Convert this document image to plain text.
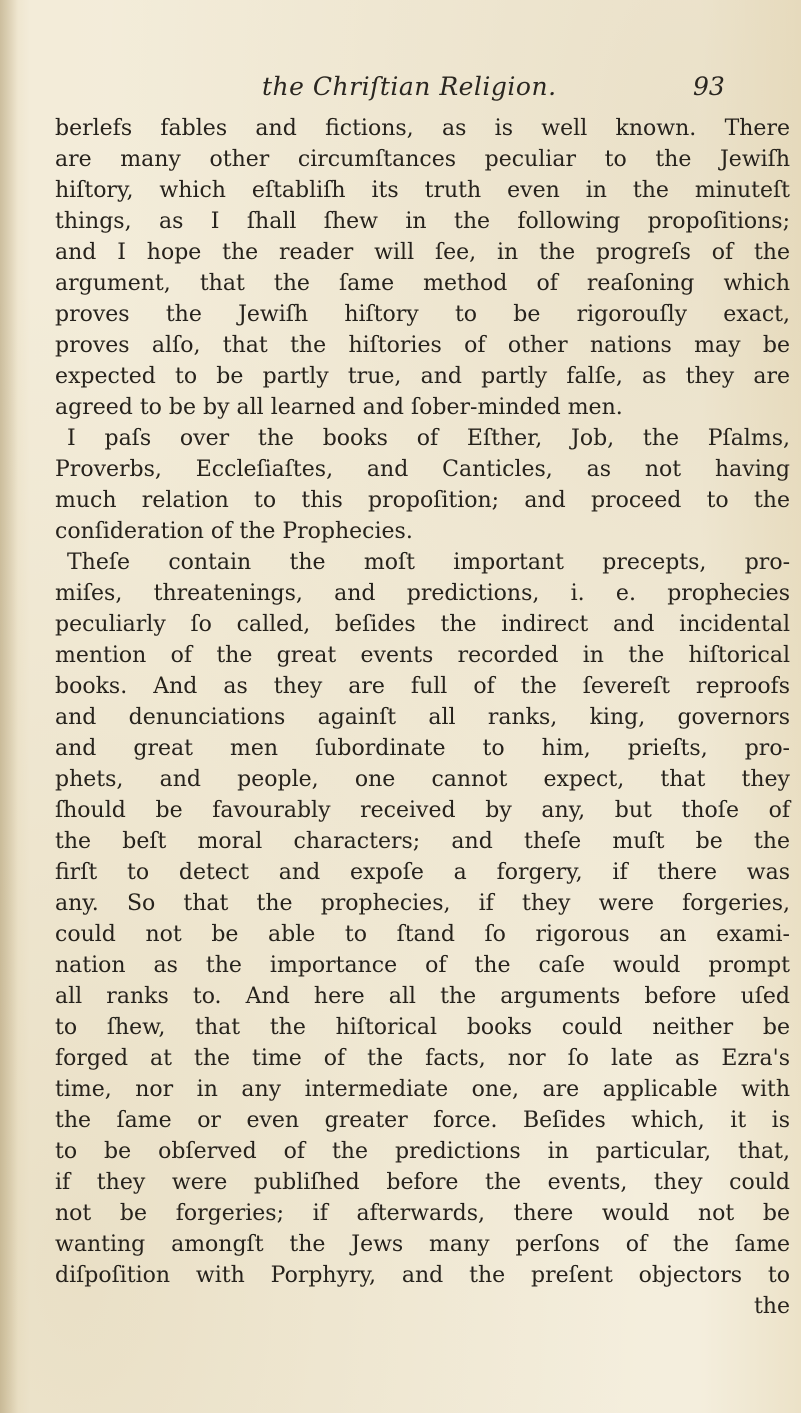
the Chriſtian Religion.	93
berlefs fables and fictions, as is well known. There
are many other circumſtances peculiar to the Jewiſh
hiſtory, which eſtabliſh its truth even in the minuteſt
things, as I ſhall ſhew in the following propoſitions;
and I hope the reader will ſee, in the progreſs of the
argument, that the ſame method of reaſoning which
proves the Jewiſh hiſtory to be rigorouſly exact,
proves alſo, that the hiſtories of other nations may be
expected to be partly true, and partly falſe, as they are
agreed to be by all learned and ſober-minded men.
I paſs over the books of Eſther, Job, the Pſalms,
Proverbs, Eccleſiaſtes, and Canticles, as not having
much relation to this propoſition; and proceed to the
conſideration of the Prophecies.
Theſe contain the moſt important precepts, pro-
miſes, threatenings, and predictions, i. e. prophecies
peculiarly ſo called, beſides the indirect and incidental
mention of the great events recorded in the hiſtorical
books. And as they are full of the ſevereſt reproofs
and denunciations againſt all ranks, king, governors
and great men ſubordinate to him, prieſts, pro-
phets, and people, one cannot expect, that they
ſhould be favourably received by any, but thoſe of
the beſt moral characters; and theſe muſt be the
firſt to detect and expoſe a forgery, if there was
any. So that the prophecies, if they were forgeries,
could not be able to ſtand ſo rigorous an exami-
nation as the importance of the caſe would prompt
all ranks to. And here all the arguments before uſed
to ſhew, that the hiſtorical books could neither be
forged at the time of the facts, nor ſo late as Ezra's
time, nor in any intermediate one, are applicable with
the ſame or even greater force. Beſides which, it is
to be obſerved of the predictions in particular, that,
if they were publiſhed before the events, they could
not be forgeries; if afterwards, there would not be
wanting amongſt the Jews many perſons of the ſame
diſpoſition with Porphyry, and the preſent objectors to
the
